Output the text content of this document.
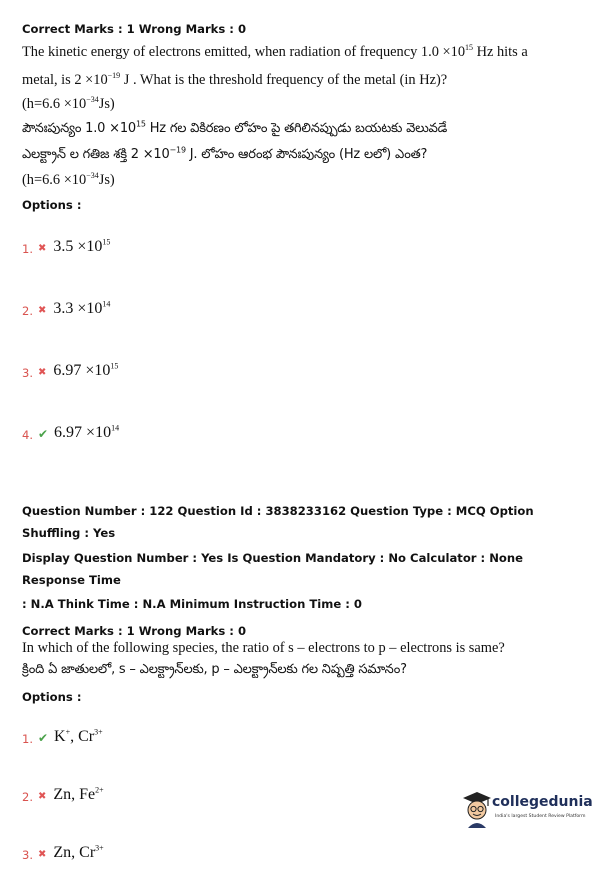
Correct Marks : 1 Wrong Marks : 0
The kinetic energy of electrons emitted, when radiation of frequency $1.0 \times 10^{15}$ Hz hits a
metal, is $2 \times 10^{-19}$ J . What is the threshold frequency of the metal (in Hz)?
$(h=6.6 \times 10^{-34}Js)$
పౌనఃపున్యం $1.0 \times 10^{15}$ Hz గల వికిరణం లోహం పై తగిలినప్పుడు బయటకు వెలువడే
ఎలక్ట్రాన్ ల గతిజ శక్తి $2 \times 10^{-19}$ J. లోహం ఆరంభ పౌనఃపున్యం (Hz లలో) ఎంత?
$(h=6.6 \times 10^{-34}Js)$
Options :
1. ✖ $3.5 \times 10^{15}$
2. ✖ $3.3 \times 10^{14}$
3. ✖ $6.97 \times 10^{15}$
4. ✔ $6.97 \times 10^{14}$
Question Number : 122 Question Id : 3838233162 Question Type : MCQ Option Shuffling : Yes
Display Question Number : Yes Is Question Mandatory : No Calculator : None Response Time
: N.A Think Time : N.A Minimum Instruction Time : 0
Correct Marks : 1 Wrong Marks : 0
In which of the following species, the ratio of s – electrons to p – electrons is same?
క్రింది ఏ జాతులలో, s – ఎలక్ట్రాన్‌లకు, p – ఎలక్ట్రాన్‌లకు గల నిష్పత్తి సమానం?
Options :
1. ✔ K+, $Cr^{3+}$
2. ✖ Zn, $Fe^{2+}$
3. ✖ Zn, $Cr^{3+}$
collegedunia
India's largest Student Review Platform
